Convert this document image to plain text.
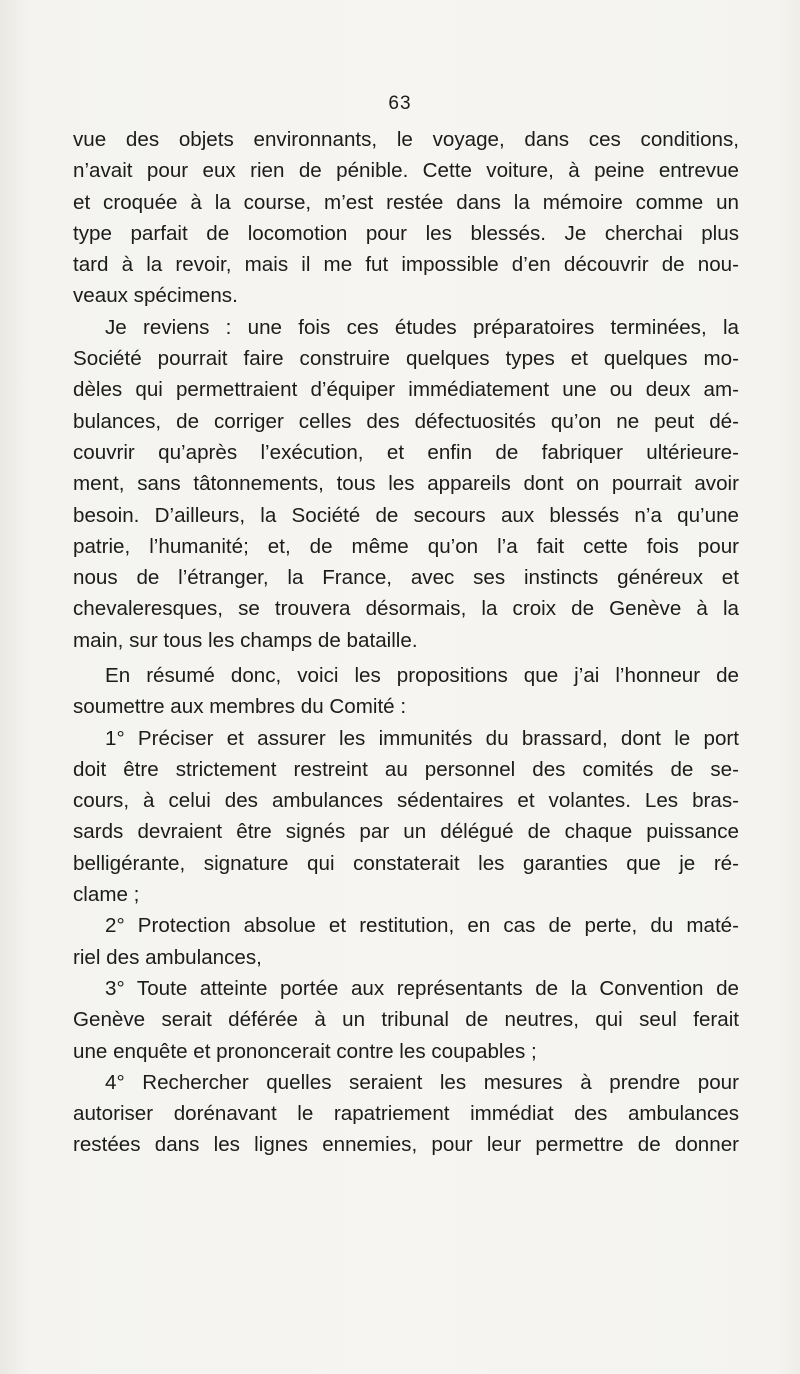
63
vue des objets environnants, le voyage, dans ces conditions,
n’avait pour eux rien de pénible. Cette voiture, à peine entrevue
et croquée à la course, m’est restée dans la mémoire comme un
type parfait de locomotion pour les blessés. Je cherchai plus
tard à la revoir, mais il me fut impossible d’en découvrir de nou-
veaux spécimens.
Je reviens : une fois ces études préparatoires terminées, la
Société pourrait faire construire quelques types et quelques mo-
dèles qui permettraient d’équiper immédiatement une ou deux am-
bulances, de corriger celles des défectuosités qu’on ne peut dé-
couvrir qu’après l’exécution, et enfin de fabriquer ultérieure-
ment, sans tâtonnements, tous les appareils dont on pourrait avoir
besoin. D’ailleurs, la Société de secours aux blessés n’a qu’une
patrie, l’humanité; et, de même qu’on l’a fait cette fois pour
nous de l’étranger, la France, avec ses instincts généreux et
chevaleresques, se trouvera désormais, la croix de Genève à la
main, sur tous les champs de bataille.
En résumé donc, voici les propositions que j’ai l’honneur de
soumettre aux membres du Comité :
1° Préciser et assurer les immunités du brassard, dont le port
doit être strictement restreint au personnel des comités de se-
cours, à celui des ambulances sédentaires et volantes. Les bras-
sards devraient être signés par un délégué de chaque puissance
belligérante, signature qui constaterait les garanties que je ré-
clame ;
2° Protection absolue et restitution, en cas de perte, du maté-
riel des ambulances,
3° Toute atteinte portée aux représentants de la Convention de
Genève serait déférée à un tribunal de neutres, qui seul ferait
une enquête et prononcerait contre les coupables ;
4° Rechercher quelles seraient les mesures à prendre pour
autoriser dorénavant le rapatriement immédiat des ambulances
restées dans les lignes ennemies, pour leur permettre de donner
